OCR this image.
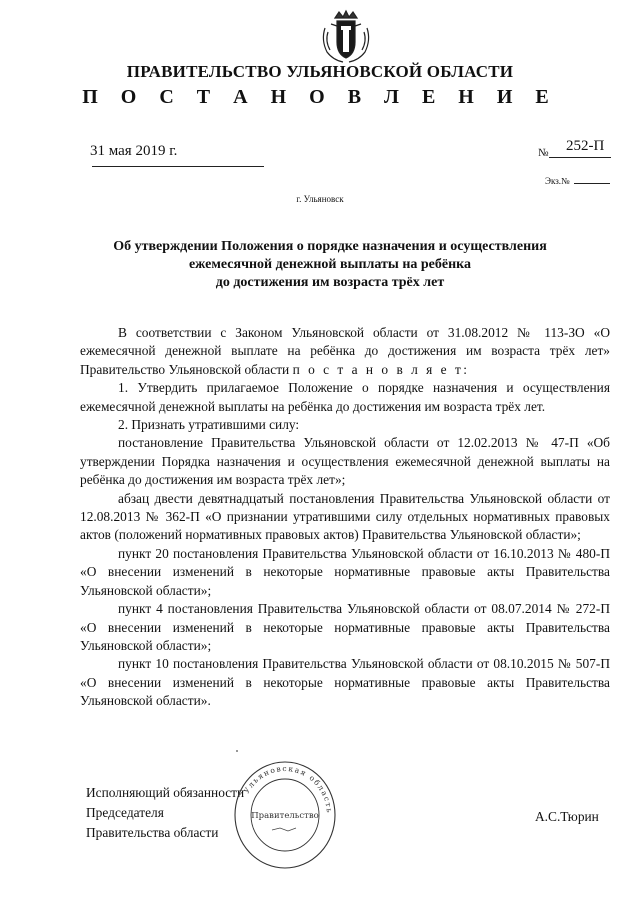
ПРАВИТЕЛЬСТВО УЛЬЯНОВСКОЙ ОБЛАСТИ
П О С Т А Н О В Л Е Н И Е
31 мая 2019 г.	№ 252-П
Экз.№
г. Ульяновск
Об утверждении Положения о порядке назначения и осуществления
ежемесячной денежной выплаты на ребёнка
до достижения им возраста трёх лет

В соответствии с Законом Ульяновской области от 31.08.2012 № 113-ЗО «О ежемесячной денежной выплате на ребёнка до достижения им возраста трёх лет» Правительство Ульяновской области п о с т а н о в л я е т:

1. Утвердить прилагаемое Положение о порядке назначения и осуществления ежемесячной денежной выплаты на ребёнка до достижения им возраста трёх лет.

2. Признать утратившими силу:

постановление Правительства Ульяновской области от 12.02.2013 № 47-П «Об утверждении Порядка назначения и осуществления ежемесячной денежной выплаты на ребёнка до достижения им возраста трёх лет»;

абзац двести девятнадцатый постановления Правительства Ульяновской области от 12.08.2013 № 362-П «О признании утратившими силу отдельных нормативных правовых актов (положений нормативных правовых актов) Правительства Ульяновской области»;

пункт 20 постановления Правительства Ульяновской области от 16.10.2013 № 480-П «О внесении изменений в некоторые нормативные правовые акты Правительства Ульяновской области»;

пункт 4 постановления Правительства Ульяновской области от 08.07.2014 № 272-П «О внесении изменений в некоторые нормативные правовые акты Правительства Ульяновской области»;

пункт 10 постановления Правительства Ульяновской области от 08.10.2015 № 507-П «О внесении изменений в некоторые нормативные правовые акты Правительства Ульяновской области».

Исполняющий обязанности
Председателя
Правительства области
Ульяновская область
Правительство	А.С.Тюрин
